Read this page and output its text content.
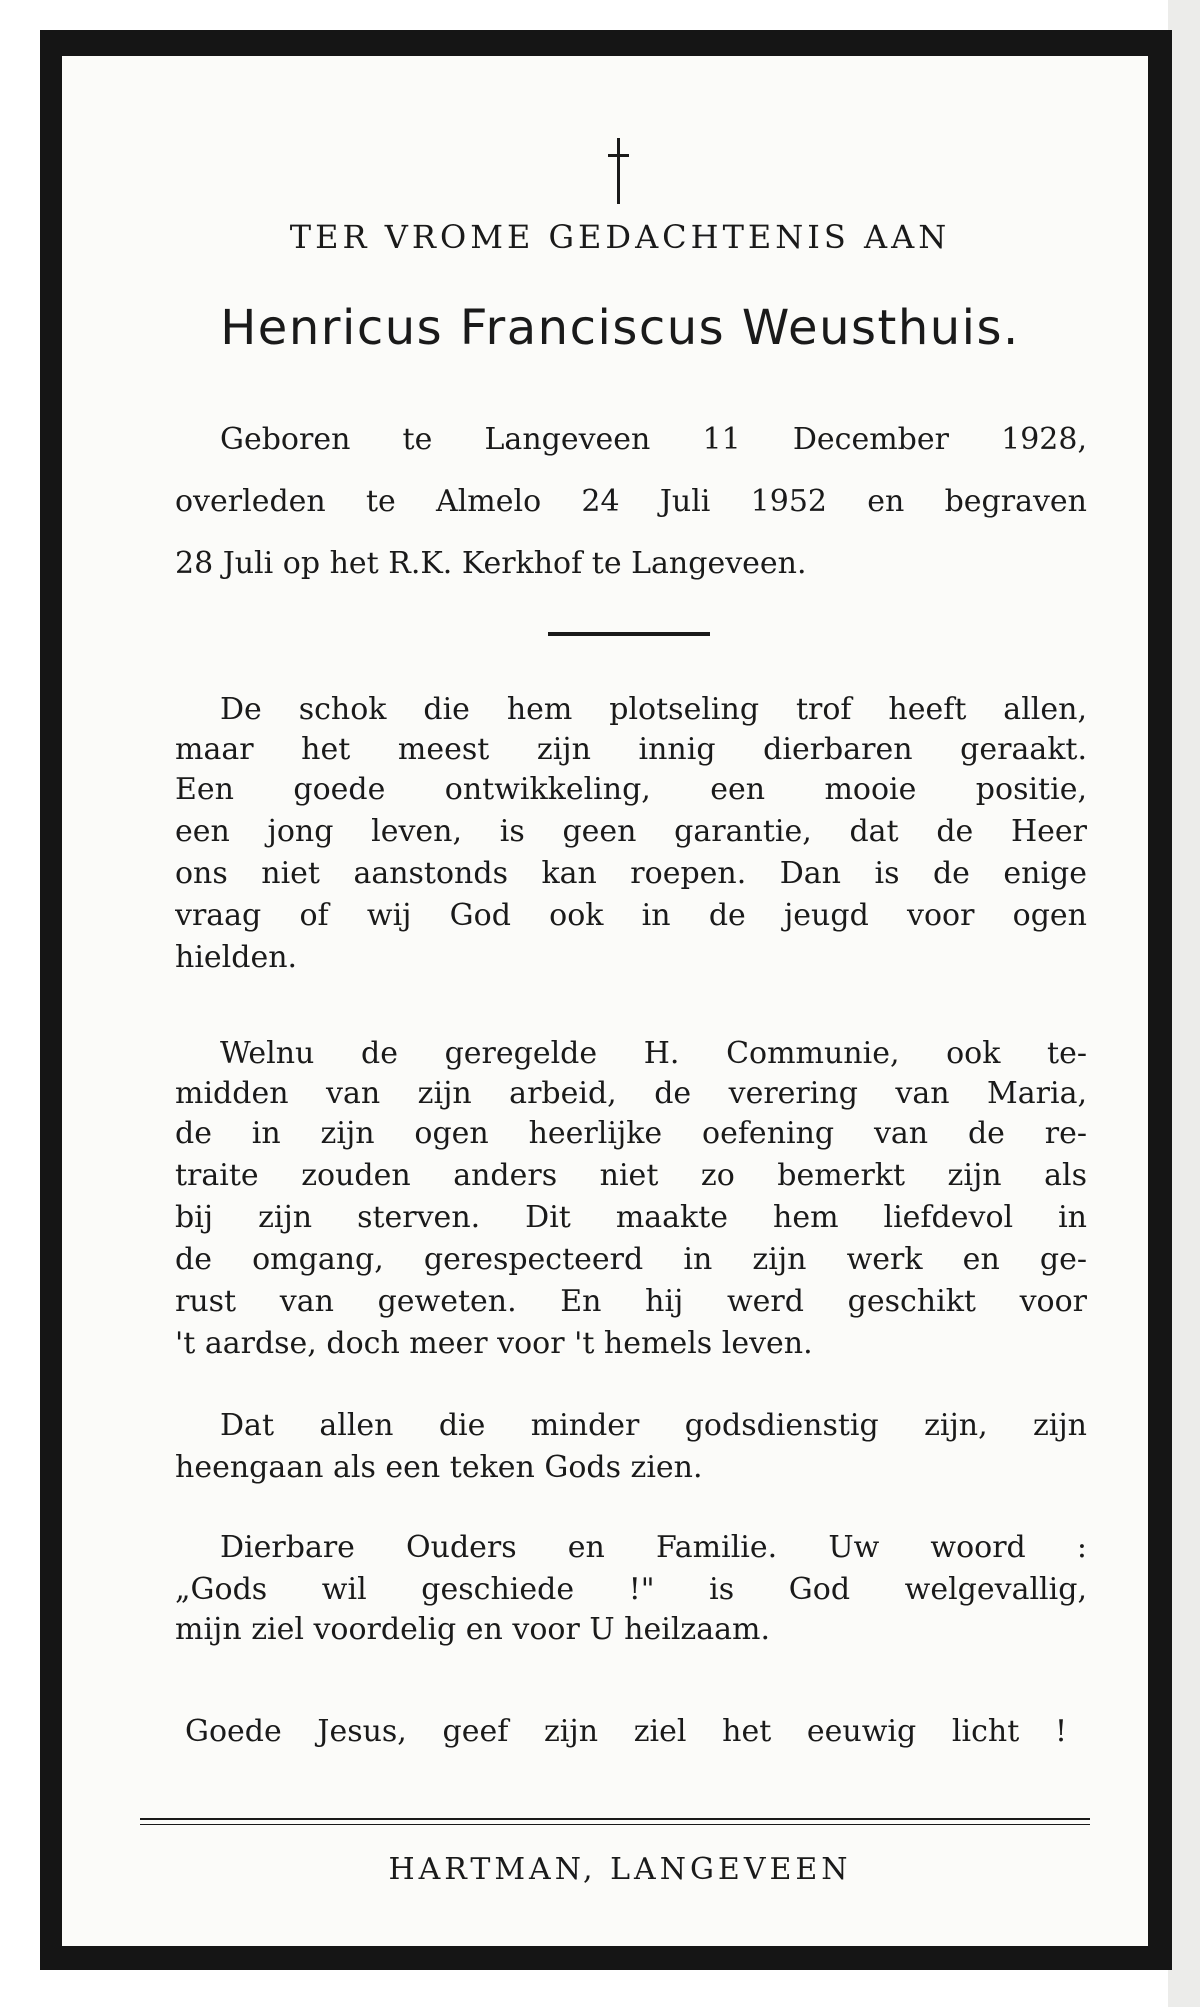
TER VROME GEDACHTENIS AAN
Henricus Franciscus Weusthuis.
Geboren te Langeveen 11 December 1928,
overleden te Almelo 24 Juli 1952 en begraven
28 Juli op het R.K. Kerkhof te Langeveen.
De schok die hem plotseling trof heeft allen,
maar het meest zijn innig dierbaren geraakt.
Een goede ontwikkeling, een mooie positie,
een jong leven, is geen garantie, dat de Heer
ons niet aanstonds kan roepen. Dan is de enige
vraag of wij God ook in de jeugd voor ogen
hielden.
Welnu de geregelde H. Communie, ook te-
midden van zijn arbeid, de verering van Maria,
de in zijn ogen heerlijke oefening van de re-
traite zouden anders niet zo bemerkt zijn als
bij zijn sterven. Dit maakte hem liefdevol in
de omgang, gerespecteerd in zijn werk en ge-
rust van geweten. En hij werd geschikt voor
't aardse, doch meer voor 't hemels leven.
Dat allen die minder godsdienstig zijn, zijn
heengaan als een teken Gods zien.
Dierbare Ouders en Familie. Uw woord :
„Gods wil geschiede !" is God welgevallig,
mijn ziel voordelig en voor U heilzaam.
Goede Jesus, geef zijn ziel het eeuwig licht !
HARTMAN, LANGEVEEN
